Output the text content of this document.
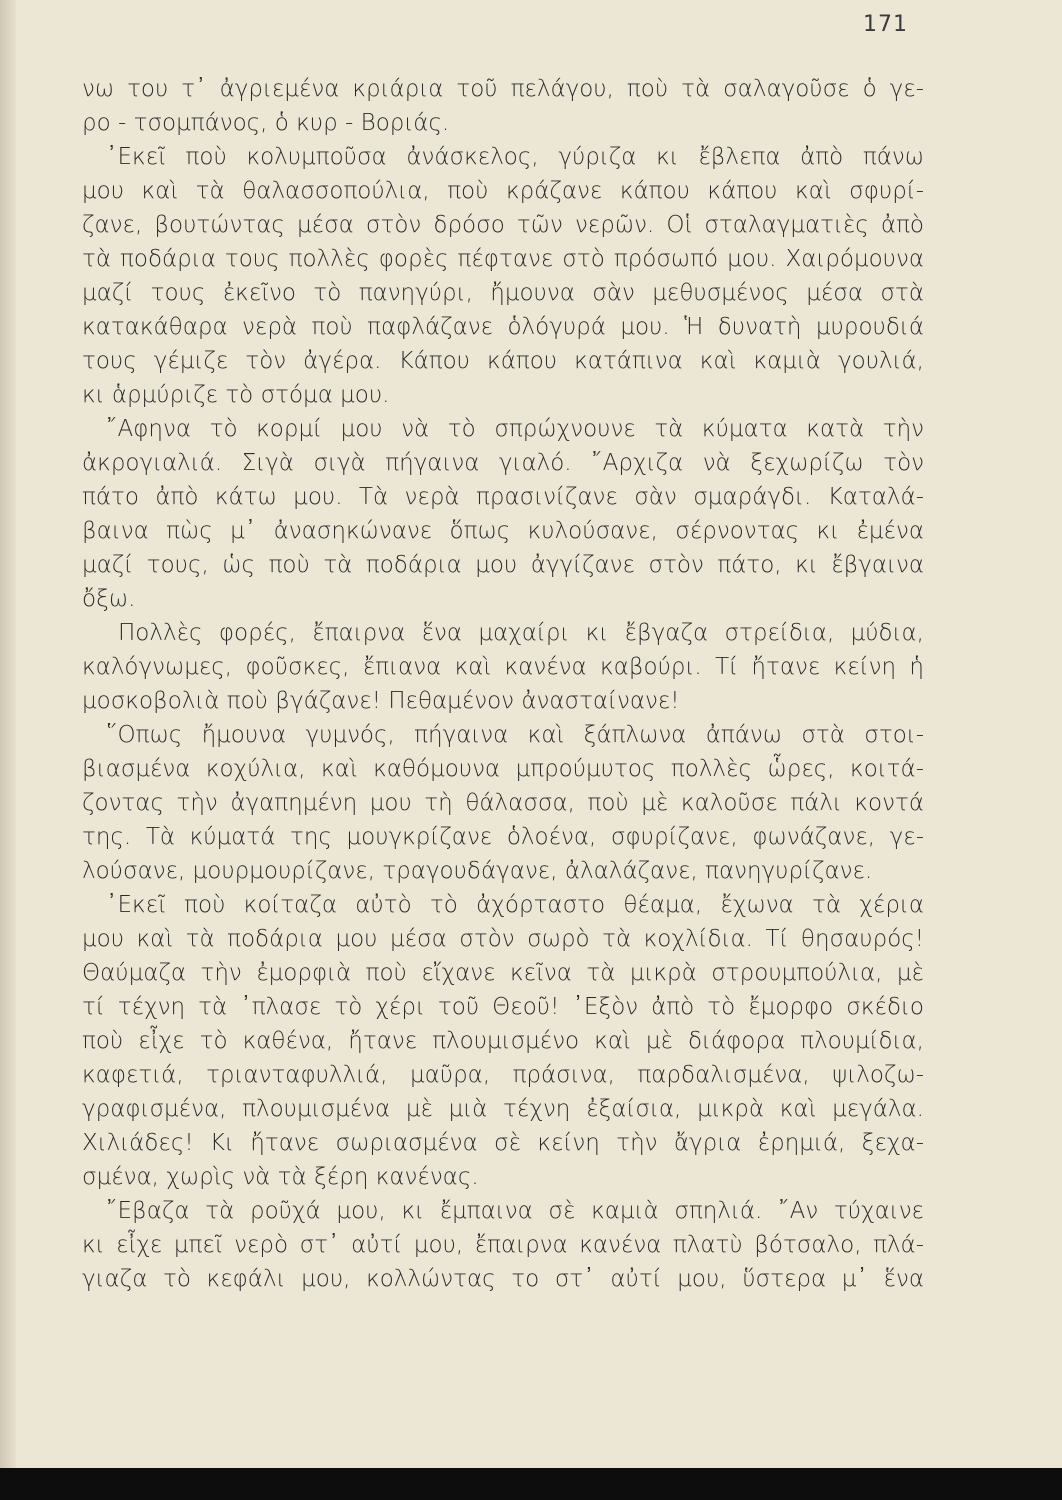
171
νω του τ᾽ ἀγριεμένα κριάρια τοῦ πελάγου, ποὺ τὰ σαλαγοῦσε ὁ γε-
ρο - τσομπάνος, ὁ κυρ - Βοριάς.
᾽Εκεῖ ποὺ κολυμποῦσα ἀνάσκελος, γύριζα κι ἔβλεπα ἀπὸ πάνω
μου καὶ τὰ θαλασσοπούλια, ποὺ κράζανε κάπου κάπου καὶ σφυρί-
ζανε, βουτώντας μέσα στὸν δρόσο τῶν νερῶν. Οἱ σταλαγματιὲς ἀπὸ
τὰ ποδάρια τους πολλὲς φορὲς πέφτανε στὸ πρόσωπό μου. Χαιρόμουνα
μαζί τους ἐκεῖνο τὸ πανηγύρι, ἤμουνα σὰν μεθυσμένος μέσα στὰ
κατακάθαρα νερὰ ποὺ παφλάζανε ὁλόγυρά μου. Ἡ δυνατὴ μυρουδιά
τους γέμιζε τὸν ἀγέρα. Κάπου κάπου κατάπινα καὶ καμιὰ γουλιά,
κι ἁρμύριζε τὸ στόμα μου.
῎Αφηνα τὸ κορμί μου νὰ τὸ σπρώχνουνε τὰ κύματα κατὰ τὴν
ἀκρογιαλιά. Σιγὰ σιγὰ πήγαινα γιαλό. ῎Αρχιζα νὰ ξεχωρίζω τὸν
πάτο ἀπὸ κάτω μου. Τὰ νερὰ πρασινίζανε σὰν σμαράγδι. Καταλά-
βαινα πὼς μ᾽ ἀνασηκώνανε ὅπως κυλούσανε, σέρνοντας κι ἐμένα
μαζί τους, ὡς ποὺ τὰ ποδάρια μου ἀγγίζανε στὸν πάτο, κι ἔβγαινα
ὄξω.
Πολλὲς φορές, ἔπαιρνα ἕνα μαχαίρι κι ἔβγαζα στρείδια, μύδια,
καλόγνωμες, φοῦσκες, ἔπιανα καὶ κανένα καβούρι. Τί ἤτανε κείνη ἡ
μοσκοβολιὰ ποὺ βγάζανε! Πεθαμένον ἀνασταίνανε!
῞Οπως ἤμουνα γυμνός, πήγαινα καὶ ξάπλωνα ἀπάνω στὰ στοι-
βιασμένα κοχύλια, καὶ καθόμουνα μπρούμυτος πολλὲς ὧρες, κοιτά-
ζοντας τὴν ἀγαπημένη μου τὴ θάλασσα, ποὺ μὲ καλοῦσε πάλι κοντά
της. Τὰ κύματά της μουγκρίζανε ὁλοένα, σφυρίζανε, φωνάζανε, γε-
λούσανε, μουρμουρίζανε, τραγουδάγανε, ἀλαλάζανε, πανηγυρίζανε.
᾽Εκεῖ ποὺ κοίταζα αὐτὸ τὸ ἀχόρταστο θέαμα, ἔχωνα τὰ χέρια
μου καὶ τὰ ποδάρια μου μέσα στὸν σωρὸ τὰ κοχλίδια. Τί θησαυρός!
Θαύμαζα τὴν ἐμορφιὰ ποὺ εἴχανε κεῖνα τὰ μικρὰ στρουμπούλια, μὲ
τί τέχνη τὰ ᾽πλασε τὸ χέρι τοῦ Θεοῦ! ᾽Εξὸν ἀπὸ τὸ ἔμορφο σκέδιο
ποὺ εἶχε τὸ καθένα, ἤτανε πλουμισμένο καὶ μὲ διάφορα πλουμίδια,
καφετιά, τριανταφυλλιά, μαῦρα, πράσινα, παρδαλισμένα, ψιλοζω-
γραφισμένα, πλουμισμένα μὲ μιὰ τέχνη ἐξαίσια, μικρὰ καὶ μεγάλα.
Χιλιάδες! Κι ἤτανε σωριασμένα σὲ κείνη τὴν ἄγρια ἐρημιά, ξεχα-
σμένα, χωρὶς νὰ τὰ ξέρη κανένας.
῎Εβαζα τὰ ροῦχά μου, κι ἔμπαινα σὲ καμιὰ σπηλιά. ῎Αν τύχαινε
κι εἶχε μπεῖ νερὸ στ᾽ αὐτί μου, ἔπαιρνα κανένα πλατὺ βότσαλο, πλά-
γιαζα τὸ κεφάλι μου, κολλώντας το στ᾽ αὐτί μου, ὕστερα μ᾽ ἕνα
